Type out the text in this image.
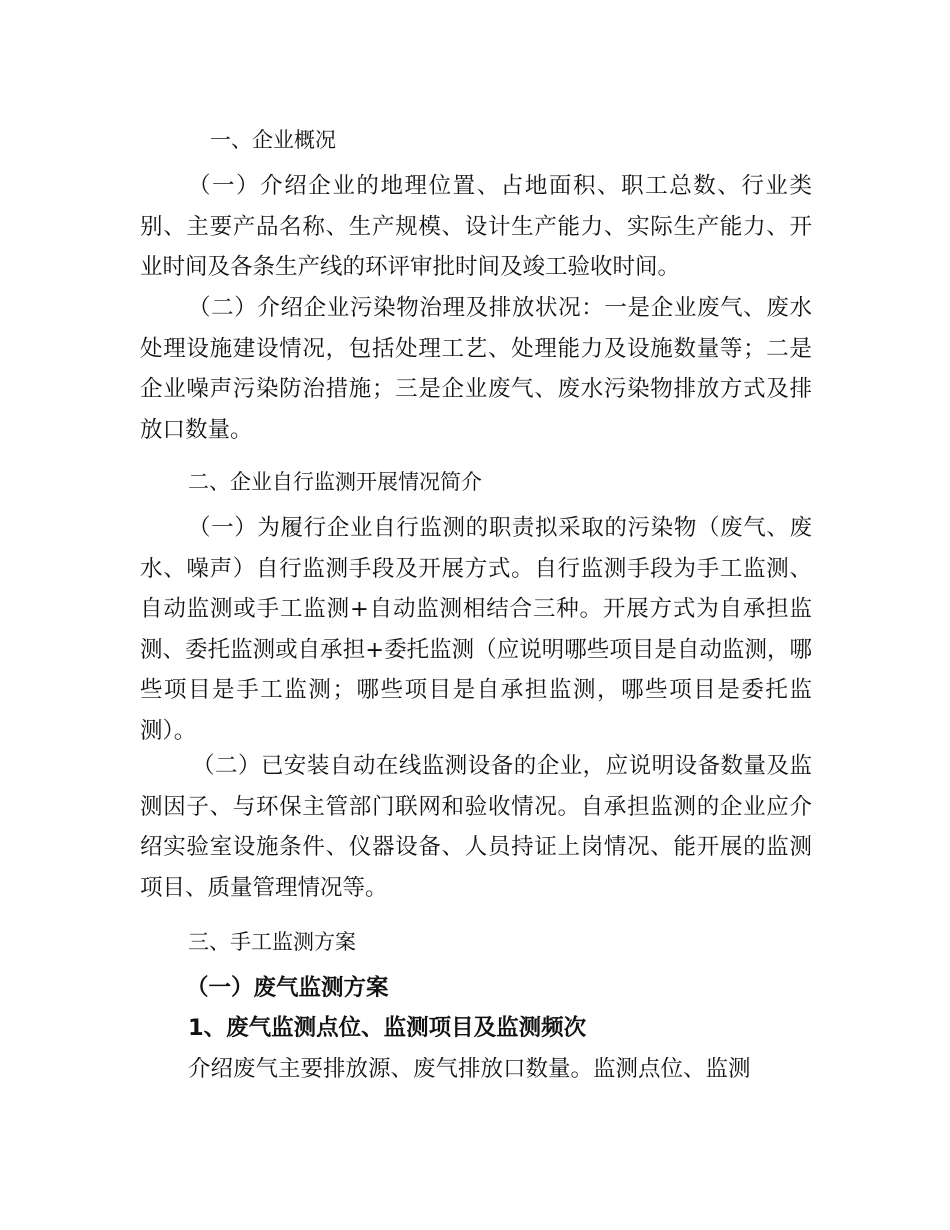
一、企业概况
（一）介绍企业的地理位置、占地面积、职工总数、行业类别、主要产品名称、生产规模、设计生产能力、实际生产能力、开业时间及各条生产线的环评审批时间及竣工验收时间。
（二）介绍企业污染物治理及排放状况：一是企业废气、废水处理设施建设情况，包括处理工艺、处理能力及设施数量等；二是企业噪声污染防治措施；三是企业废气、废水污染物排放方式及排放口数量。
二、企业自行监测开展情况简介
（一）为履行企业自行监测的职责拟采取的污染物（废气、废水、噪声）自行监测手段及开展方式。自行监测手段为手工监测、自动监测或手工监测+自动监测相结合三种。开展方式为自承担监测、委托监测或自承担+委托监测（应说明哪些项目是自动监测，哪些项目是手工监测；哪些项目是自承担监测，哪些项目是委托监测）。
（二）已安装自动在线监测设备的企业，应说明设备数量及监测因子、与环保主管部门联网和验收情况。自承担监测的企业应介绍实验室设施条件、仪器设备、人员持证上岗情况、能开展的监测项目、质量管理情况等。
三、手工监测方案
（一）废气监测方案
1、废气监测点位、监测项目及监测频次
介绍废气主要排放源、废气排放口数量。监测点位、监测
